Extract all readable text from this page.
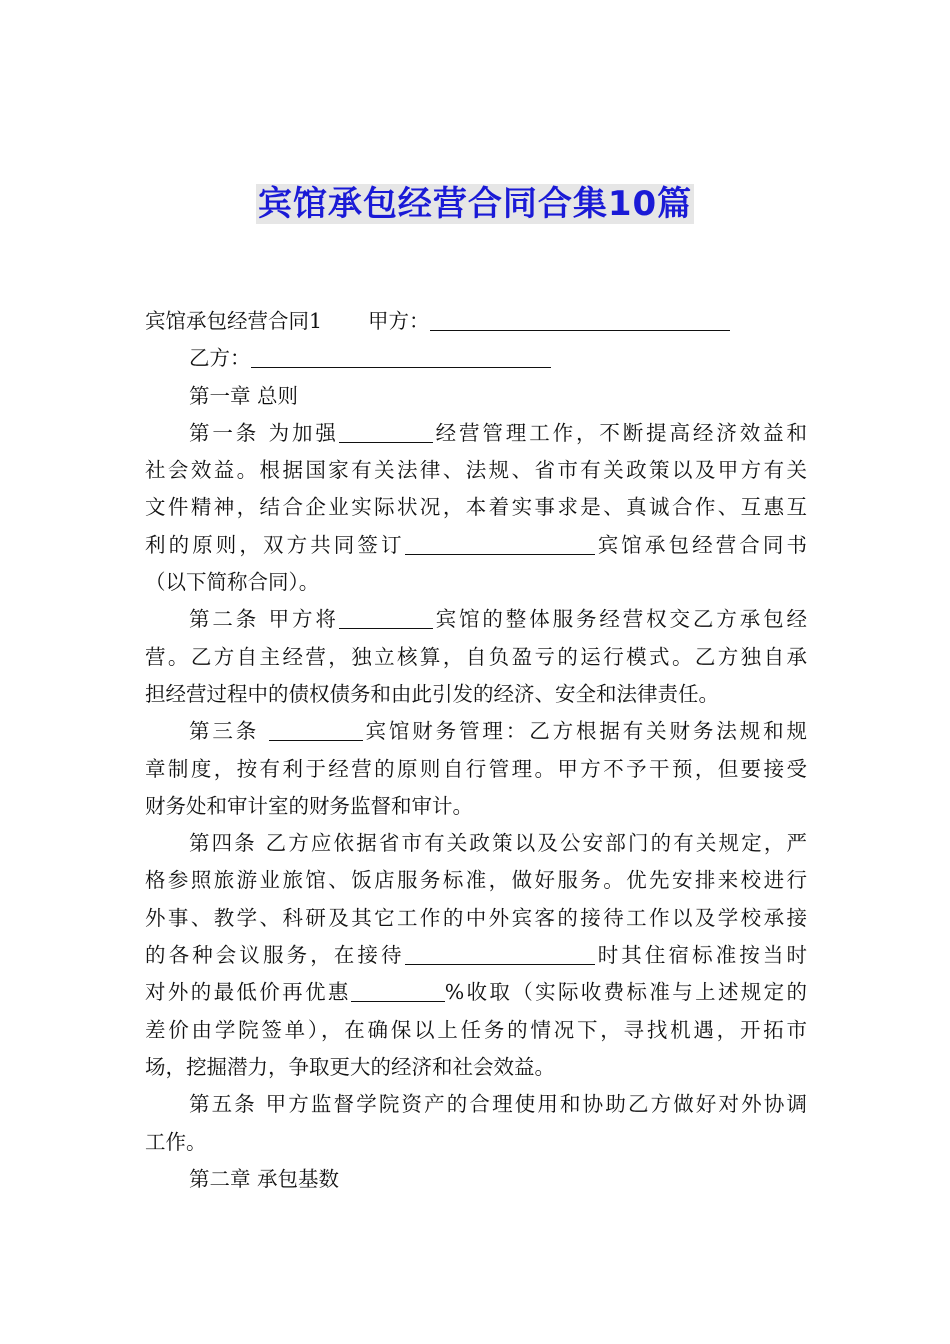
宾馆承包经营合同合集10篇
宾馆承包经营合同1 甲方：
乙方：
第一章 总则
第一条 为加强	经营管理工作，不断提高经济效益和
社会效益。根据国家有关法律、法规、省市有关政策以及甲方有关
文件精神，结合企业实际状况，本着实事求是、真诚合作、互惠互
利的原则，双方共同签订	宾馆承包经营合同书
（以下简称合同）。
第二条 甲方将	宾馆的整体服务经营权交乙方承包经
营。乙方自主经营，独立核算，自负盈亏的运行模式。乙方独自承
担经营过程中的债权债务和由此引发的经济、安全和法律责任。
第三条	宾馆财务管理：乙方根据有关财务法规和规
章制度，按有利于经营的原则自行管理。甲方不予干预，但要接受
财务处和审计室的财务监督和审计。
第四条 乙方应依据省市有关政策以及公安部门的有关规定，严
格参照旅游业旅馆、饭店服务标准，做好服务。优先安排来校进行
外事、教学、科研及其它工作的中外宾客的接待工作以及学校承接
的各种会议服务，在接待	时其住宿标准按当时
对外的最低价再优惠	%收取（实际收费标准与上述规定的
差价由学院签单），在确保以上任务的情况下，寻找机遇，开拓市
场，挖掘潜力，争取更大的经济和社会效益。
第五条 甲方监督学院资产的合理使用和协助乙方做好对外协调
工作。
第二章 承包基数
